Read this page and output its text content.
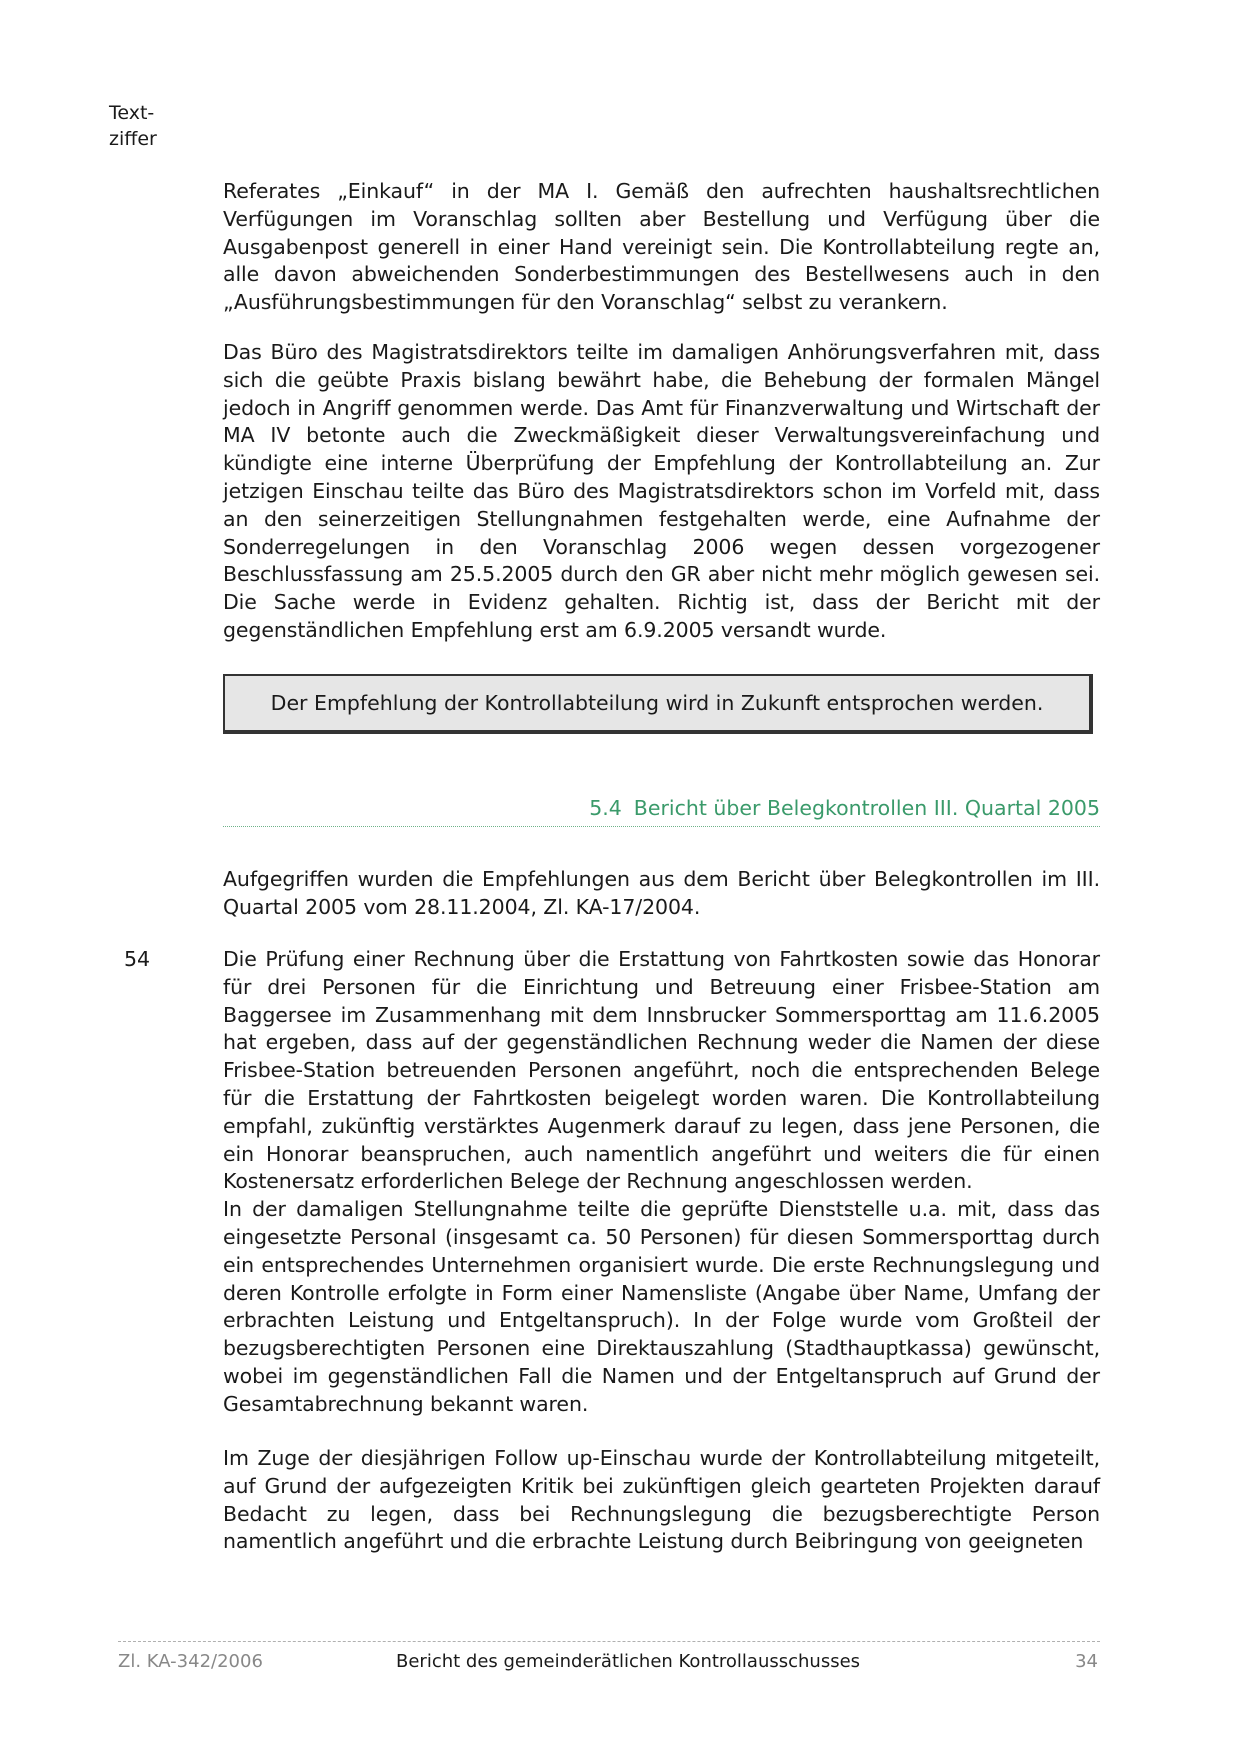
Text-
ziffer

Referates „Einkauf“ in der MA I. Gemäß den aufrechten haushaltsrechtlichen Verfügungen im Voranschlag sollten aber Bestellung und Verfügung über die Ausgabenpost generell in einer Hand vereinigt sein. Die Kontrollabteilung regte an, alle davon abweichenden Sonderbestimmungen des Bestellwesens auch in den „Ausführungsbestimmungen für den Voranschlag“ selbst zu verankern.

Das Büro des Magistratsdirektors teilte im damaligen Anhörungsverfahren mit, dass sich die geübte Praxis bislang bewährt habe, die Behebung der formalen Mängel jedoch in Angriff genommen werde. Das Amt für Finanzverwaltung und Wirtschaft der MA IV betonte auch die Zweckmäßigkeit dieser Verwaltungsvereinfachung und kündigte eine interne Überprüfung der Empfehlung der Kontrollabteilung an. Zur jetzigen Einschau teilte das Büro des Magistratsdirektors schon im Vorfeld mit, dass an den seinerzeitigen Stellungnahmen festgehalten werde, eine Aufnahme der Sonderregelungen in den Voranschlag 2006 wegen dessen vorgezogener Beschlussfassung am 25.5.2005 durch den GR aber nicht mehr möglich gewesen sei. Die Sache werde in Evidenz gehalten. Richtig ist, dass der Bericht mit der gegenständlichen Empfehlung erst am 6.9.2005 versandt wurde.

Der Empfehlung der Kontrollabteilung wird in Zukunft entsprochen werden.
5.4 Bericht über Belegkontrollen III. Quartal 2005

Aufgegriffen wurden die Empfehlungen aus dem Bericht über Belegkontrollen im III. Quartal 2005 vom 28.11.2004, Zl. KA-17/2004.

54	Die Prüfung einer Rechnung über die Erstattung von Fahrtkosten sowie das Honorar für drei Personen für die Einrichtung und Betreuung einer Frisbee-Station am Baggersee im Zusammenhang mit dem Innsbrucker Sommersporttag am 11.6.2005 hat ergeben, dass auf der gegenständlichen Rechnung weder die Namen der diese Frisbee-Station betreuenden Personen angeführt, noch die entsprechenden Belege für die Erstattung der Fahrtkosten beigelegt worden waren. Die Kontrollabteilung empfahl, zukünftig verstärktes Augenmerk darauf zu legen, dass jene Personen, die ein Honorar beanspruchen, auch namentlich angeführt und weiters die für einen Kostenersatz erforderlichen Belege der Rechnung angeschlossen werden.

In der damaligen Stellungnahme teilte die geprüfte Dienststelle u.a. mit, dass das eingesetzte Personal (insgesamt ca. 50 Personen) für diesen Sommersporttag durch ein entsprechendes Unternehmen organisiert wurde. Die erste Rechnungslegung und deren Kontrolle erfolgte in Form einer Namensliste (Angabe über Name, Umfang der erbrachten Leistung und Entgeltanspruch). In der Folge wurde vom Großteil der bezugsberechtigten Personen eine Direktauszahlung (Stadthauptkassa) gewünscht, wobei im gegenständlichen Fall die Namen und der Entgeltanspruch auf Grund der Gesamtabrechnung bekannt waren.

Im Zuge der diesjährigen Follow up-Einschau wurde der Kontrollabteilung mitgeteilt, auf Grund der aufgezeigten Kritik bei zukünftigen gleich gearteten Projekten darauf Bedacht zu legen, dass bei Rechnungslegung die bezugsberechtigte Person namentlich angeführt und die erbrachte Leistung durch Beibringung von geeigneten

Zl. KA-342/2006	Bericht des gemeinderätlichen Kontrollausschusses	34
